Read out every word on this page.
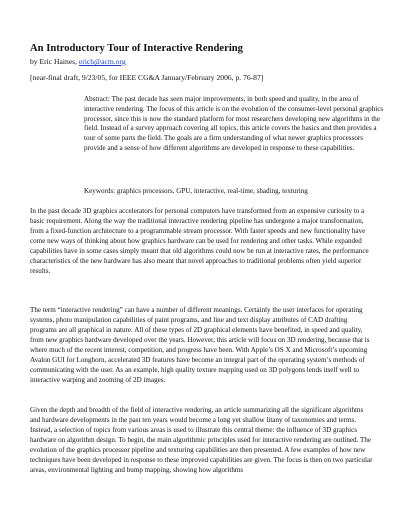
An Introductory Tour of Interactive Rendering
by Eric Haines, erich@acm.org
[near-final draft, 9/23/05, for IEEE CG&A January/February 2006, p. 76-87]

Abstract: The past decade has seen major improvements, in both speed and quality, in the area of interactive rendering. The focus of this article is on the evolution of the consumer-level personal graphics processor, since this is now the standard platform for most researchers developing new algorithms in the field. Instead of a survey approach covering all topics, this article covers the basics and then provides a tour of some parts the field. The goals are a firm understanding of what newer graphics processors provide and a sense of how different algorithms are developed in response to these capabilities.

Keywords: graphics processors, GPU, interactive, real-time, shading, texturing

In the past decade 3D graphics accelerators for personal computers have transformed from an expensive curiosity to a basic requirement. Along the way the traditional interactive rendering pipeline has undergone a major transformation, from a fixed-function architecture to a programmable stream processor. With faster speeds and new functionality have come new ways of thinking about how graphics hardware can be used for rendering and other tasks. While expanded capabilities have in some cases simply meant that old algorithms could now be run at interactive rates, the performance characteristics of the new hardware has also meant that novel approaches to traditional problems often yield superior results.

The term “interactive rendering” can have a number of different meanings. Certainly the user interfaces for operating systems, photo manipulation capabilities of paint programs, and line and text display attributes of CAD drafting programs are all graphical in nature. All of these types of 2D graphical elements have benefited, in speed and quality, from new graphics hardware developed over the years. However, this article will focus on 3D rendering, because that is where much of the recent interest, competition, and progress have been. With Apple’s OS X and Microsoft’s upcoming Avalon GUI for Longhorn, accelerated 3D features have become an integral part of the operating system’s methods of communicating with the user. As an example, high quality texture mapping used on 3D polygons lends itself well to interactive warping and zooming of 2D images.

Given the depth and breadth of the field of interactive rendering, an article summarizing all the significant algorithms and hardware developments in the past ten years would become a long yet shallow litany of taxonomies and terms. Instead, a selection of topics from various areas is used to illustrate this central theme: the influence of 3D graphics hardware on algorithm design. To begin, the main algorithmic principles used for interactive rendering are outlined. The evolution of the graphics processor pipeline and texturing capabilities are then presented. A few examples of how new techniques have been developed in response to these improved capabilities are given. The focus is then on two particular areas, environmental lighting and bump mapping, showing how algorithms
